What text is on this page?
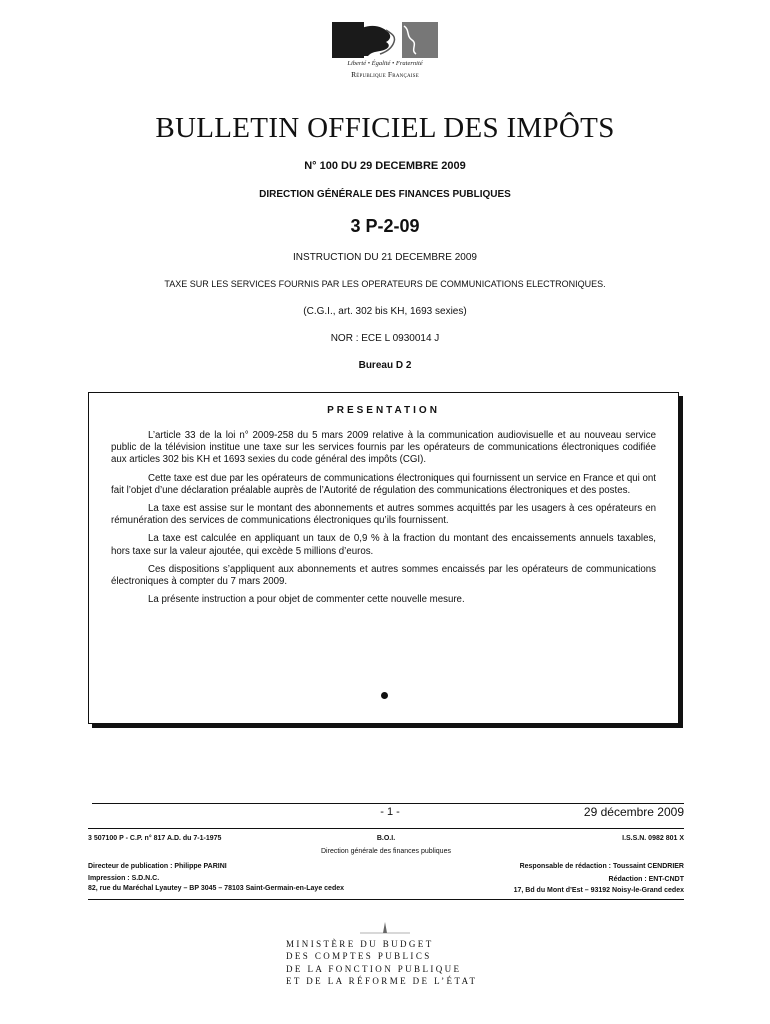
Liberté • Égalité • Fraternité
République Française
BULLETIN OFFICIEL DES IMPÔTS
N° 100 DU 29 DECEMBRE 2009
DIRECTION GÉNÉRALE DES FINANCES PUBLIQUES
3 P-2-09
INSTRUCTION DU 21 DECEMBRE 2009
TAXE SUR LES SERVICES FOURNIS PAR LES OPERATEURS DE COMMUNICATIONS ELECTRONIQUES.
(C.G.I., art. 302 bis KH, 1693 sexies)
NOR : ECE L 0930014 J
Bureau D 2
PRESENTATION

L’article 33 de la loi n° 2009-258 du 5 mars 2009 relative à la communication audiovisuelle et au nouveau service public de la télévision institue une taxe sur les services fournis par les opérateurs de communications électroniques codifiée aux articles 302 bis KH et 1693 sexies du code général des impôts (CGI).

Cette taxe est due par les opérateurs de communications électroniques qui fournissent un service en France et qui ont fait l’objet d’une déclaration préalable auprès de l’Autorité de régulation des communications électroniques et des postes.

La taxe est assise sur le montant des abonnements et autres sommes acquittés par les usagers à ces opérateurs en rémunération des services de communications électroniques qu’ils fournissent.

La taxe est calculée en appliquant un taux de 0,9 % à la fraction du montant des encaissements annuels taxables, hors taxe sur la valeur ajoutée, qui excède 5 millions d’euros.

Ces dispositions s’appliquent aux abonnements et autres sommes encaissés par les opérateurs de communications électroniques à compter du 7 mars 2009.

La présente instruction a pour objet de commenter cette nouvelle mesure.

- 1 -	29 décembre 2009
3 507100 P - C.P. n° 817 A.D. du 7-1-1975	B.O.I.
Direction générale des finances publiques
I.S.S.N. 0982 801 X
Directeur de publication : Philippe PARINI	Responsable de rédaction : Toussaint CENDRIER
Impression : S.D.N.C.
82, rue du Maréchal Lyautey – BP 3045 – 78103 Saint-Germain-en-Laye cedex
Rédaction : ENT-CNDT
17, Bd du Mont d’Est – 93192 Noisy-le-Grand cedex
MINISTÈRE DU BUDGET
DES COMPTES PUBLICS
DE LA FONCTION PUBLIQUE
ET DE LA RÉFORME DE L’ÉTAT
